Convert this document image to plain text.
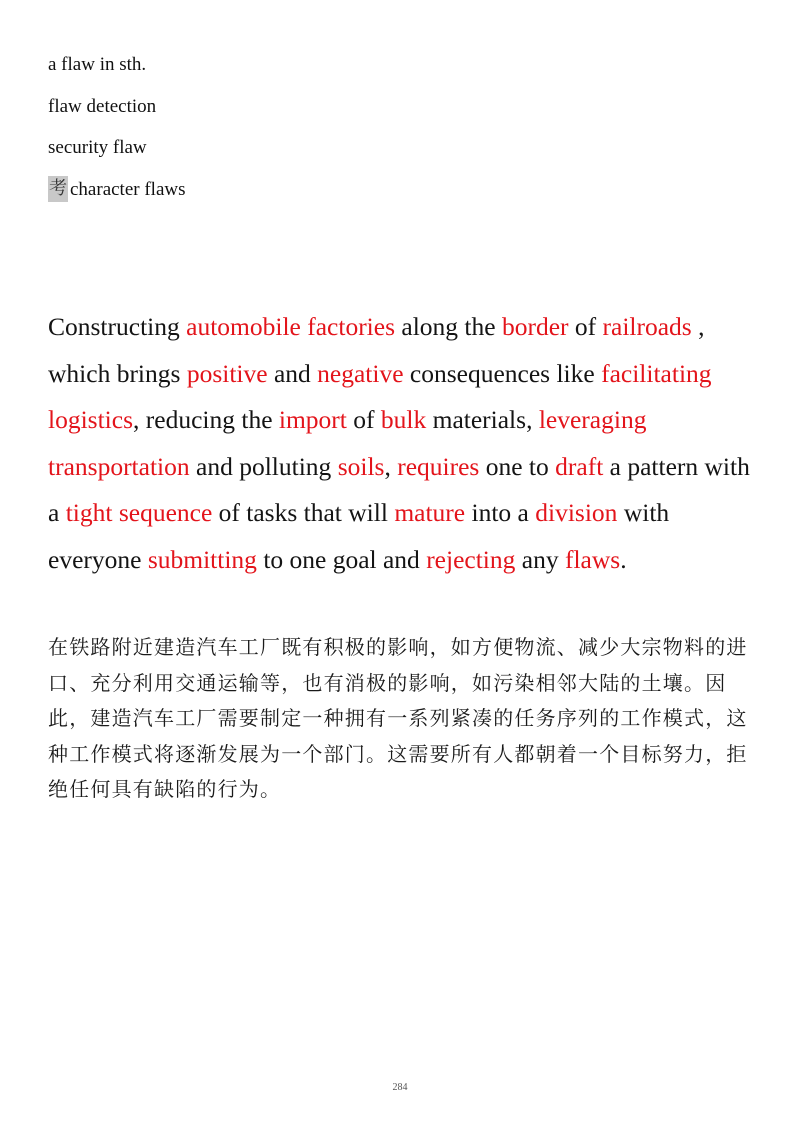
a flaw in sth.
flaw detection
security flaw
考 character flaws

Constructing automobile factories along the border of railroads , which brings positive and negative consequences like facilitating logistics, reducing the import of bulk materials, leveraging transportation and polluting soils, requires one to draft a pattern with a tight sequence of tasks that will mature into a division with everyone submitting to one goal and rejecting any flaws.

在铁路附近建造汽车工厂既有积极的影响，如方便物流、减少大宗物料的进口、充分利用交通运输等，也有消极的影响，如污染相邻大陆的土壤。因此，建造汽车工厂需要制定一种拥有一系列紧凑的任务序列的工作模式，这种工作模式将逐渐发展为一个部门。这需要所有人都朝着一个目标努力，拒绝任何具有缺陷的行为。

284
